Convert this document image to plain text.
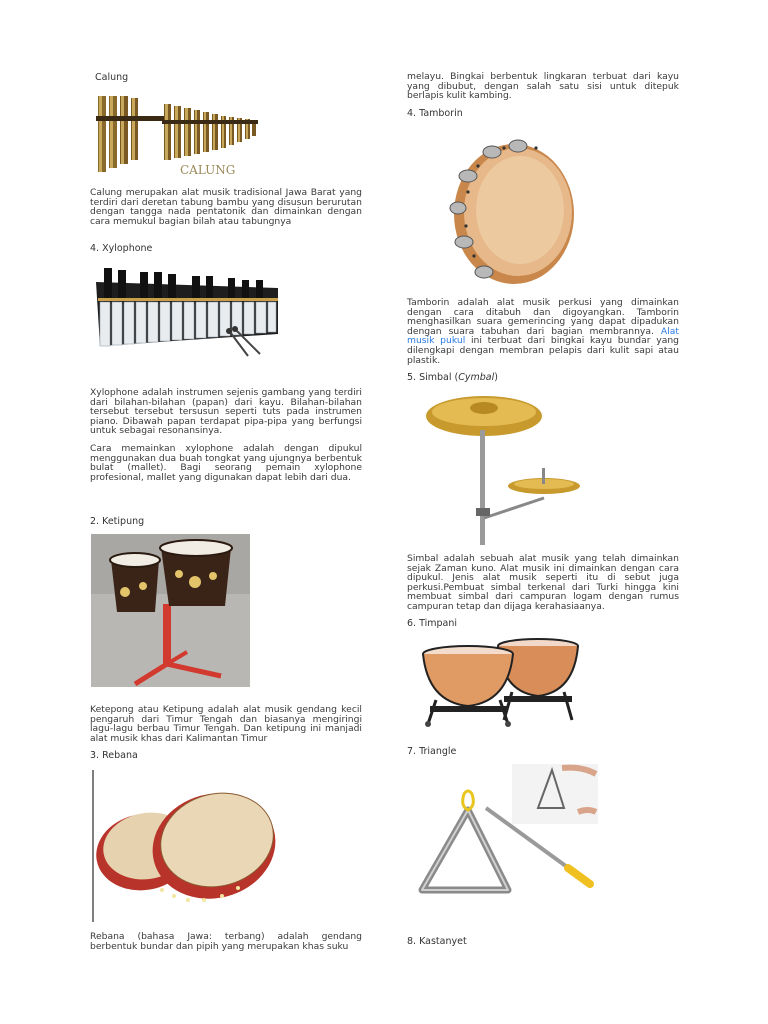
Calung
CALUNG
Calung merupakan alat musik tradisional Jawa Barat yang terdiri dari deretan tabung bambu yang disusun berurutan dengan tangga nada pentatonik dan dimainkan dengan cara memukul bagian bilah atau tabungnya
4. Xylophone
Xylophone adalah instrumen sejenis gambang yang terdiri dari bilahan-bilahan (papan) dari kayu. Bilahan-bilahan tersebut tersebut tersusun seperti tuts pada instrumen piano. Dibawah papan terdapat pipa-pipa yang berfungsi untuk sebagai resonansinya.
Cara memainkan xylophone adalah dengan dipukul menggunakan dua buah tongkat yang ujungnya berbentuk bulat (mallet). Bagi seorang pemain xylophone profesional, mallet yang digunakan dapat lebih dari dua.
2. Ketipung
Ketepong atau Ketipung adalah alat musik gendang kecil pengaruh dari Timur Tengah dan biasanya mengiringi lagu-lagu berbau Timur Tengah. Dan ketipung ini manjadi alat musik khas dari Kalimantan Timur
3. Rebana
Rebana (bahasa Jawa: terbang) adalah gendang berbentuk bundar dan pipih yang merupakan khas suku
melayu. Bingkai berbentuk lingkaran terbuat dari kayu yang dibubut, dengan salah satu sisi untuk ditepuk berlapis kulit kambing.
4. Tamborin
Tamborin adalah alat musik perkusi yang dimainkan dengan cara ditabuh dan digoyangkan. Tamborin menghasilkan suara gemerincing yang dapat dipadukan dengan suara tabuhan dari bagian membrannya. Alat musik pukul ini terbuat dari bingkai kayu bundar yang dilengkapi dengan membran pelapis dari kulit sapi atau plastik.
5. Simbal (Cymbal)
Simbal adalah sebuah alat musik yang telah dimainkan sejak Zaman kuno. Alat musik ini dimainkan dengan cara dipukul. Jenis alat musik seperti itu di sebut juga perkusi.Pembuat simbal terkenal dari Turki hingga kini membuat simbal dari campuran logam dengan rumus campuran tetap dan dijaga kerahasiaanya.
6. Timpani
7. Triangle
8. Kastanyet
